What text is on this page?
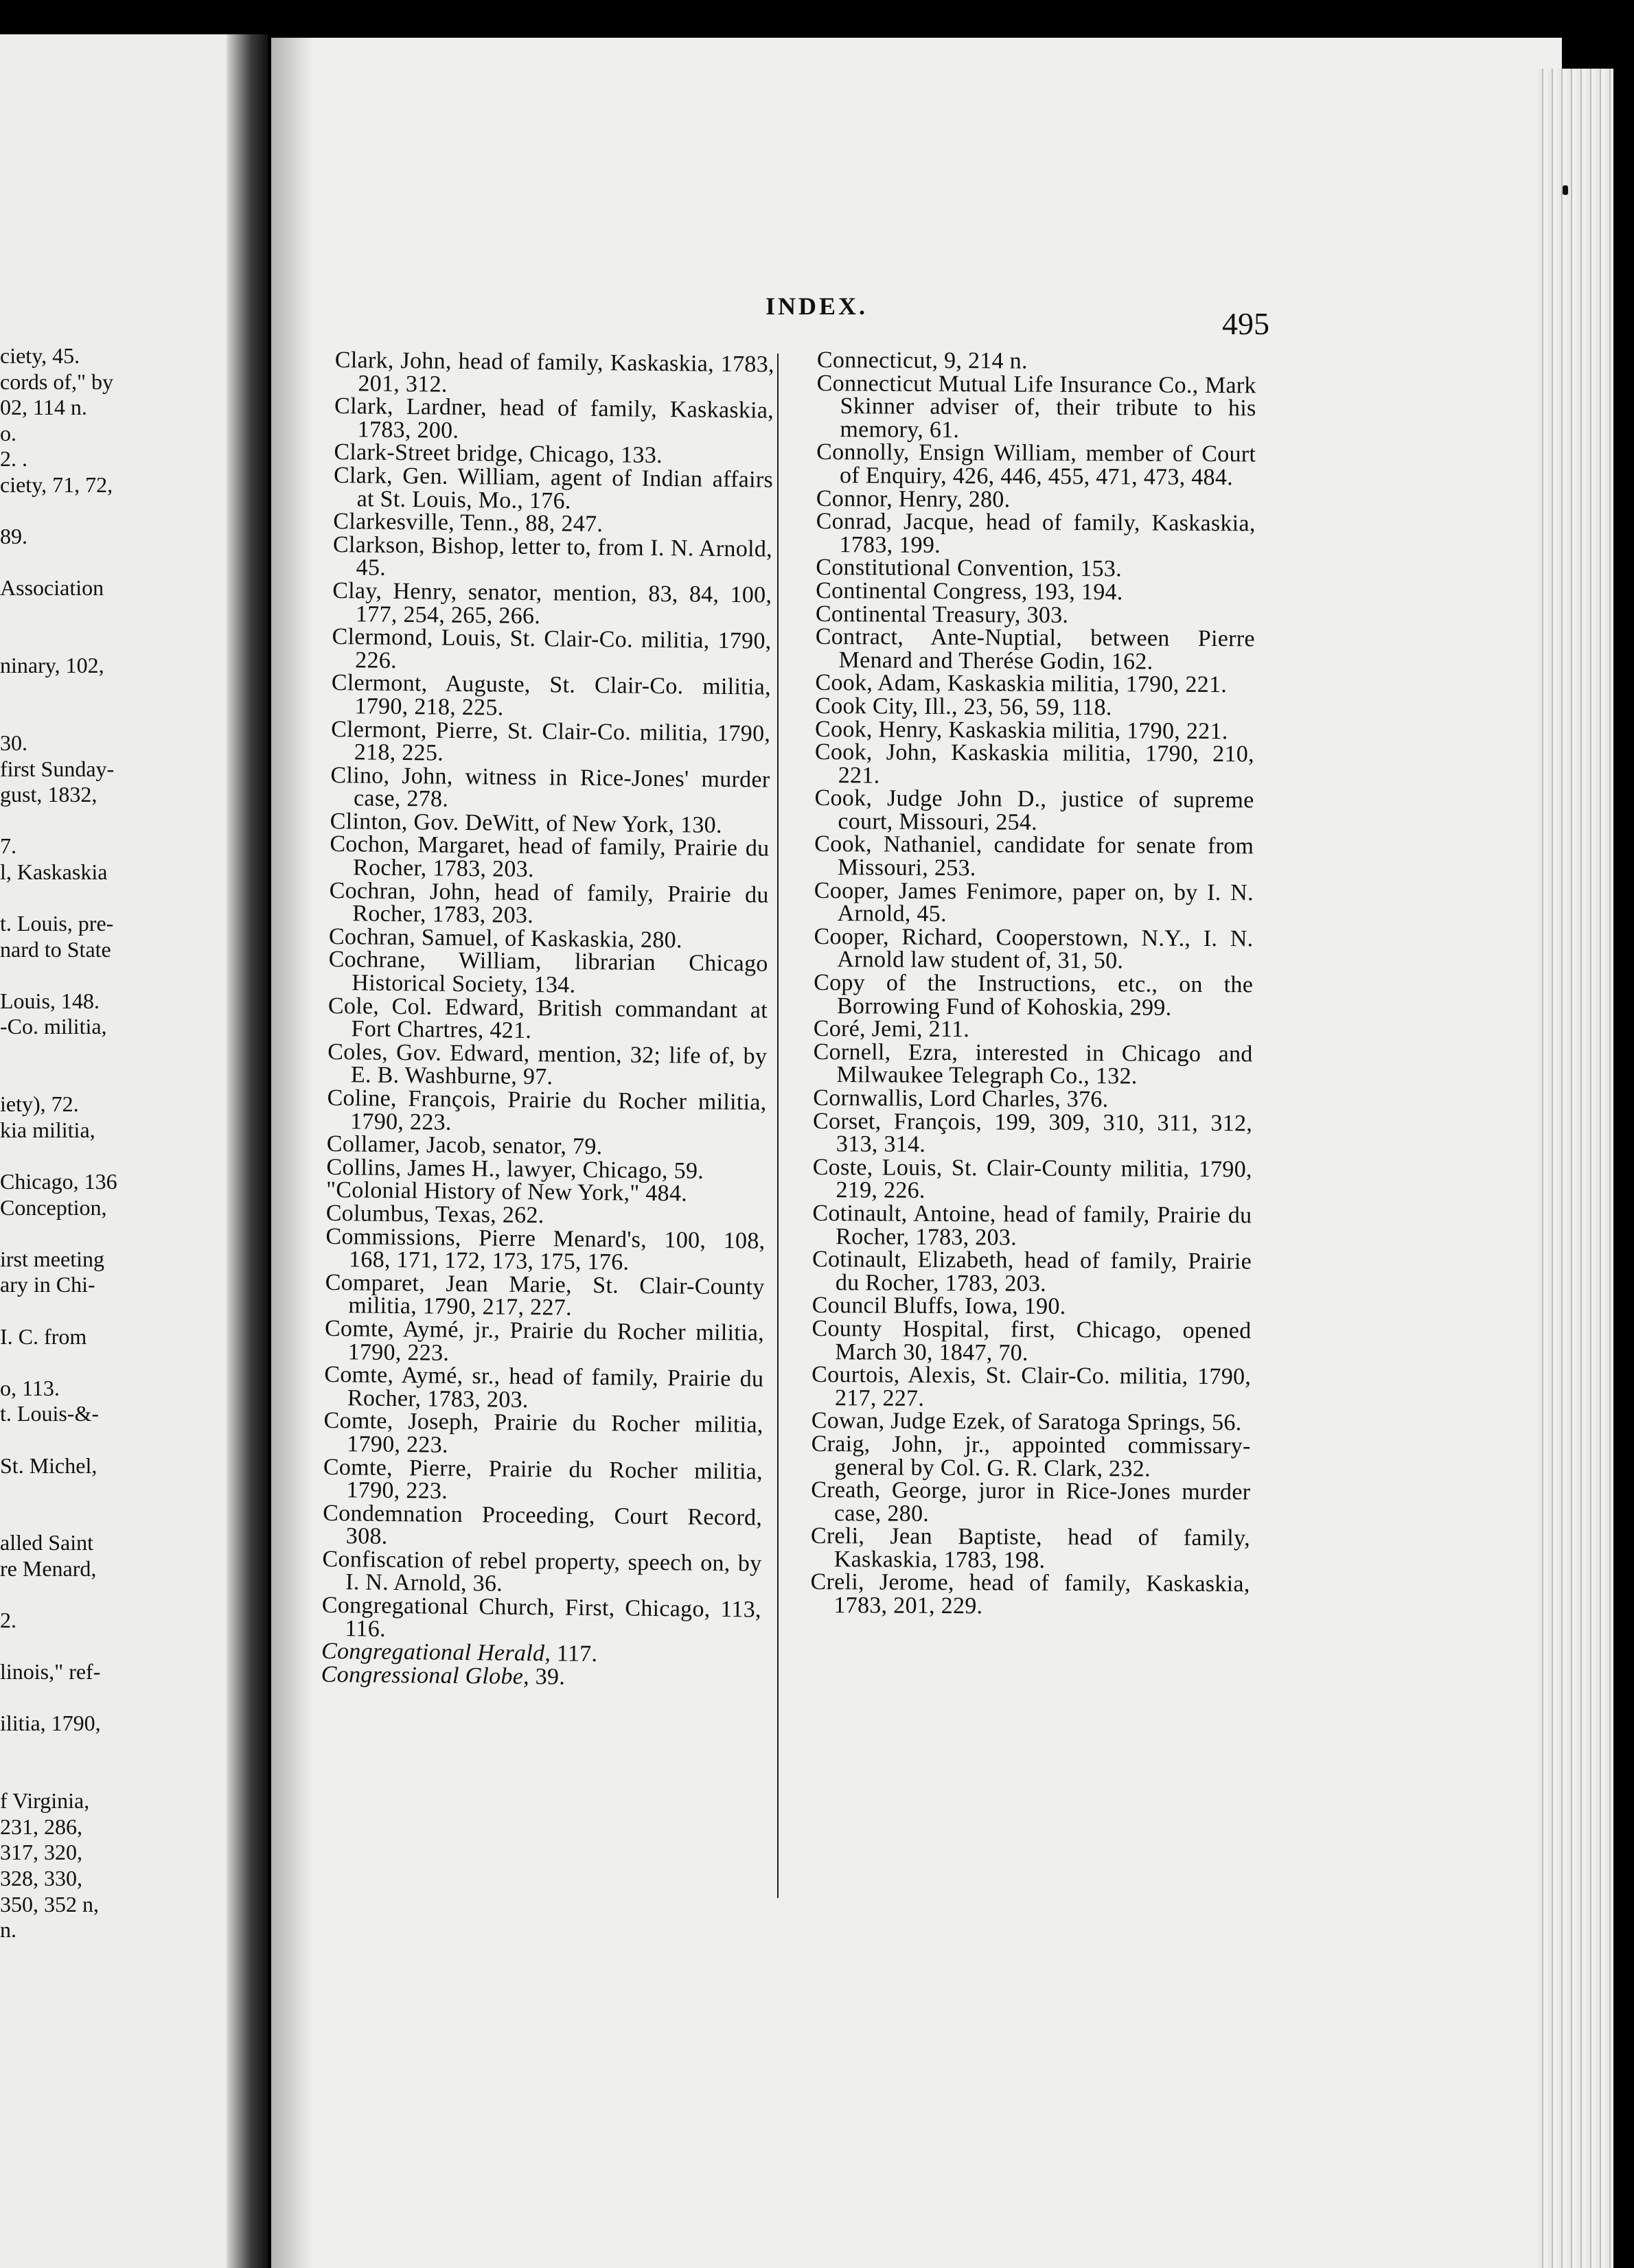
ciety, 45.
cords of," by
02, 114 n.
o.
2. .
ciety, 71, 72,
89.
Association
ninary, 102,
30.
first Sunday-
gust, 1832,
7.
l, Kaskaskia
t. Louis, pre-
nard to State
Louis, 148.
-Co. militia,
iety), 72.
kia militia,
Chicago, 136
Conception,
irst meeting
ary in Chi-
I. C. from
o, 113.
t. Louis-&-
St. Michel,
alled Saint
re Menard,
2.
linois," ref-
ilitia, 1790,
f Virginia,
231, 286,
317, 320,
328, 330,
350, 352 n,
n.
INDEX.	495

Clark, John, head of family, Kaskaskia, 1783, 201, 312.

Clark, Lardner, head of family, Kaskaskia, 1783, 200.

Clark-Street bridge, Chicago, 133.

Clark, Gen. William, agent of Indian affairs at St. Louis, Mo., 176.

Clarkesville, Tenn., 88, 247.

Clarkson, Bishop, letter to, from I. N. Arnold, 45.

Clay, Henry, senator, mention, 83, 84, 100, 177, 254, 265, 266.

Clermond, Louis, St. Clair-Co. militia, 1790, 226.

Clermont, Auguste, St. Clair-Co. militia, 1790, 218, 225.

Clermont, Pierre, St. Clair-Co. militia, 1790, 218, 225.

Clino, John, witness in Rice-Jones' murder case, 278.

Clinton, Gov. DeWitt, of New York, 130.

Cochon, Margaret, head of family, Prairie du Rocher, 1783, 203.

Cochran, John, head of family, Prairie du Rocher, 1783, 203.

Cochran, Samuel, of Kaskaskia, 280.

Cochrane, William, librarian Chicago Historical Society, 134.

Cole, Col. Edward, British commandant at Fort Chartres, 421.

Coles, Gov. Edward, mention, 32; life of, by E. B. Washburne, 97.

Coline, François, Prairie du Rocher militia, 1790, 223.

Collamer, Jacob, senator, 79.

Collins, James H., lawyer, Chicago, 59.

"Colonial History of New York," 484.

Columbus, Texas, 262.

Commissions, Pierre Menard's, 100, 108, 168, 171, 172, 173, 175, 176.

Comparet, Jean Marie, St. Clair-County militia, 1790, 217, 227.

Comte, Aymé, jr., Prairie du Rocher militia, 1790, 223.

Comte, Aymé, sr., head of family, Prairie du Rocher, 1783, 203.

Comte, Joseph, Prairie du Rocher militia, 1790, 223.

Comte, Pierre, Prairie du Rocher militia, 1790, 223.

Condemnation Proceeding, Court Record, 308.

Confiscation of rebel property, speech on, by I. N. Arnold, 36.

Congregational Church, First, Chicago, 113, 116.

Congregational Herald, 117.

Congressional Globe, 39.

Connecticut, 9, 214 n.

Connecticut Mutual Life Insurance Co., Mark Skinner adviser of, their tribute to his memory, 61.

Connolly, Ensign William, member of Court of Enquiry, 426, 446, 455, 471, 473, 484.

Connor, Henry, 280.

Conrad, Jacque, head of family, Kaskaskia, 1783, 199.

Constitutional Convention, 153.

Continental Congress, 193, 194.

Continental Treasury, 303.

Contract, Ante-Nuptial, between Pierre Menard and Therése Godin, 162.

Cook, Adam, Kaskaskia militia, 1790, 221.

Cook City, Ill., 23, 56, 59, 118.

Cook, Henry, Kaskaskia militia, 1790, 221.

Cook, John, Kaskaskia militia, 1790, 210, 221.

Cook, Judge John D., justice of supreme court, Missouri, 254.

Cook, Nathaniel, candidate for senate from Missouri, 253.

Cooper, James Fenimore, paper on, by I. N. Arnold, 45.

Cooper, Richard, Cooperstown, N.Y., I. N. Arnold law student of, 31, 50.

Copy of the Instructions, etc., on the Borrowing Fund of Kohoskia, 299.

Coré, Jemi, 211.

Cornell, Ezra, interested in Chicago and Milwaukee Telegraph Co., 132.

Cornwallis, Lord Charles, 376.

Corset, François, 199, 309, 310, 311, 312, 313, 314.

Coste, Louis, St. Clair-County militia, 1790, 219, 226.

Cotinault, Antoine, head of family, Prairie du Rocher, 1783, 203.

Cotinault, Elizabeth, head of family, Prairie du Rocher, 1783, 203.

Council Bluffs, Iowa, 190.

County Hospital, first, Chicago, opened March 30, 1847, 70.

Courtois, Alexis, St. Clair-Co. militia, 1790, 217, 227.

Cowan, Judge Ezek, of Saratoga Springs, 56.

Craig, John, jr., appointed commissary-general by Col. G. R. Clark, 232.

Creath, George, juror in Rice-Jones murder case, 280.

Creli, Jean Baptiste, head of family, Kaskaskia, 1783, 198.

Creli, Jerome, head of family, Kaskaskia, 1783, 201, 229.
